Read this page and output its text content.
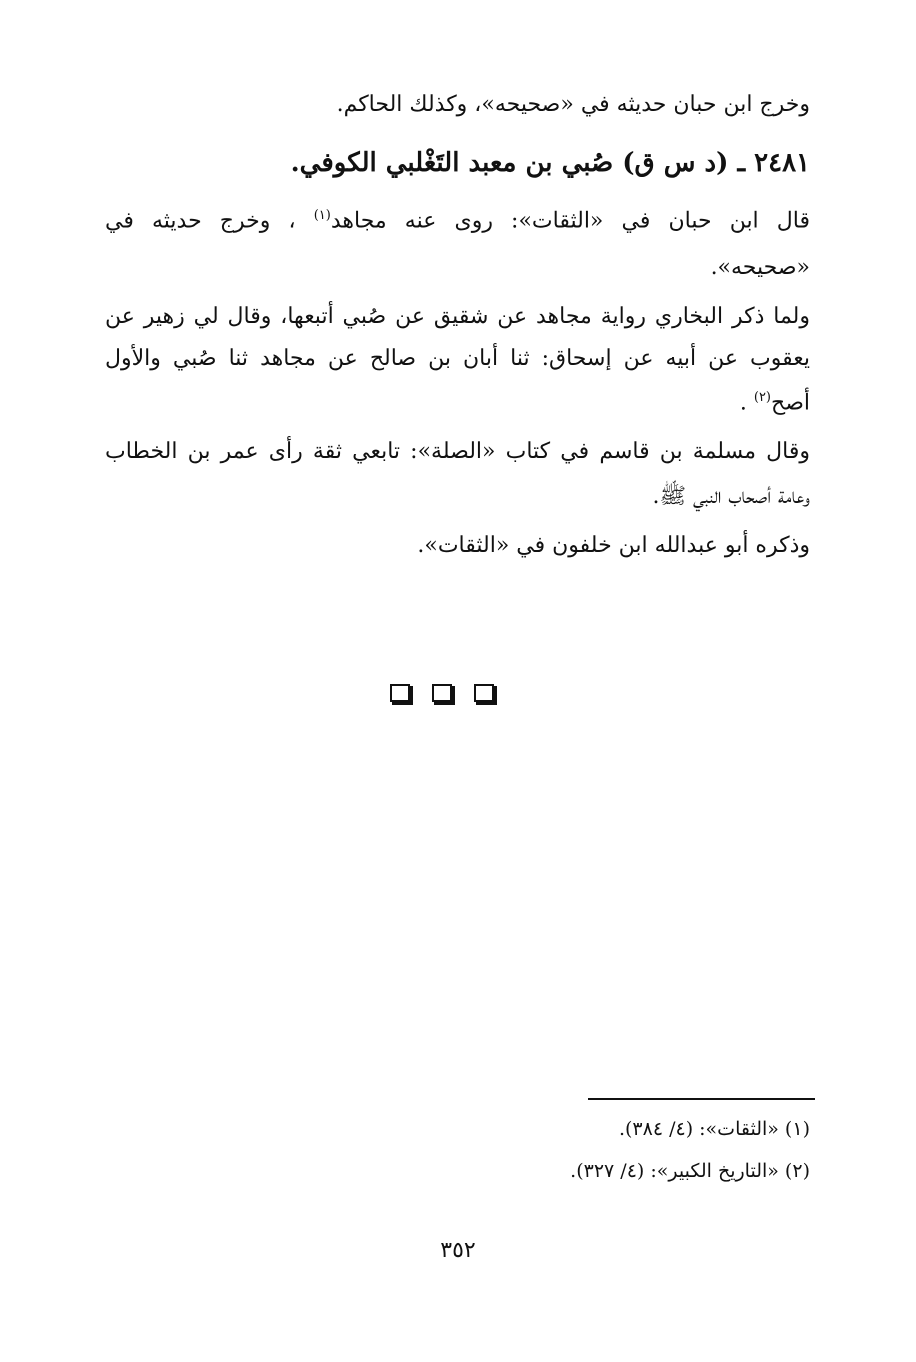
وخرج ابن حبان حديثه في «صحيحه»، وكذلك الحاكم.
٢٤٨١ ـ (د س ق) صُبي بن معبد التَغْلبي الكوفي.
قال ابن حبان في «الثقات»: روى عنه مجاهد$^{(١)}$ ، وخرج حديثه في
«صحيحه».
ولما ذكر البخاري رواية مجاهد عن شقيق عن صُبي أتبعها، وقال لي زهير عن
يعقوب عن أبيه عن إسحاق: ثنا أبان بن صالح عن مجاهد ثنا صُبي والأول
أصح$^{(٢)}$ .
وقال مسلمة بن قاسم في كتاب «الصلة»: تابعي ثقة رأى عمر بن الخطاب
وعامة أصحاب النبي ﷺ.
وذكره أبو عبدالله ابن خلفون في «الثقات».
(١) «الثقات»: (٤/ ٣٨٤).
(٢) «التاريخ الكبير»: (٤/ ٣٢٧).
٣٥٢
